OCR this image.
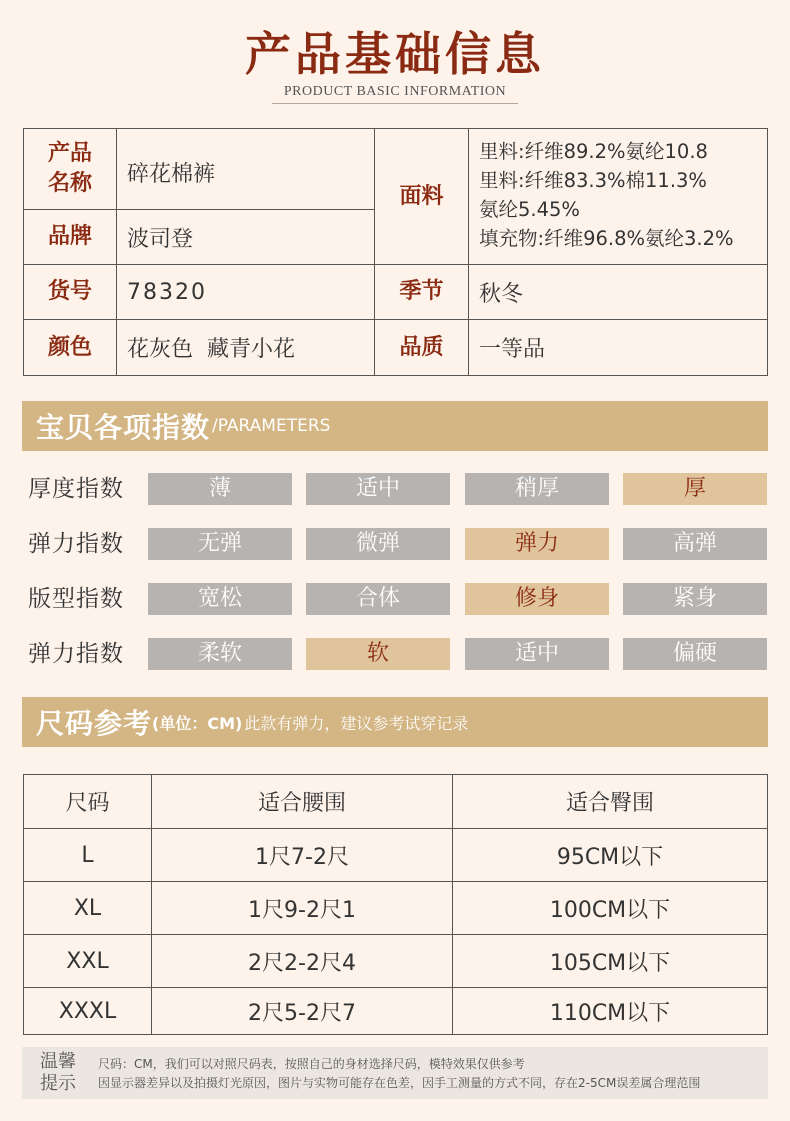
产品基础信息
PRODUCT BASIC INFORMATION
产品
名称	碎花棉裤
品牌	波司登
面料
里料:纤维89.2%氨纶10.8
里料:纤维83.3%棉11.3%
氨纶5.45%
填充物:纤维96.8%氨纶3.2%
货号	78320	季节	秋冬
颜色	花灰色  藏青小花	品质	一等品
宝贝各项指数 /PARAMETERS
厚度指数	薄	适中	稍厚	厚
弹力指数	无弹	微弹	弹力	高弹
版型指数	宽松	合体	修身	紧身
弹力指数	柔软	软	适中	偏硬
尺码参考 (单位：CM) 此款有弹力，建议参考试穿记录
尺码	适合腰围	适合臀围
L	1尺7-2尺	95CM以下
XL	1尺9-2尺1	100CM以下
XXL	2尺2-2尺4	105CM以下
XXXL	2尺5-2尺7	110CM以下
温馨
提示
尺码：CM，我们可以对照尺码表，按照自己的身材选择尺码，模特效果仅供参考
因显示器差异以及拍摄灯光原因，图片与实物可能存在色差，因手工测量的方式不同，存在2-5CM误差属合理范围
